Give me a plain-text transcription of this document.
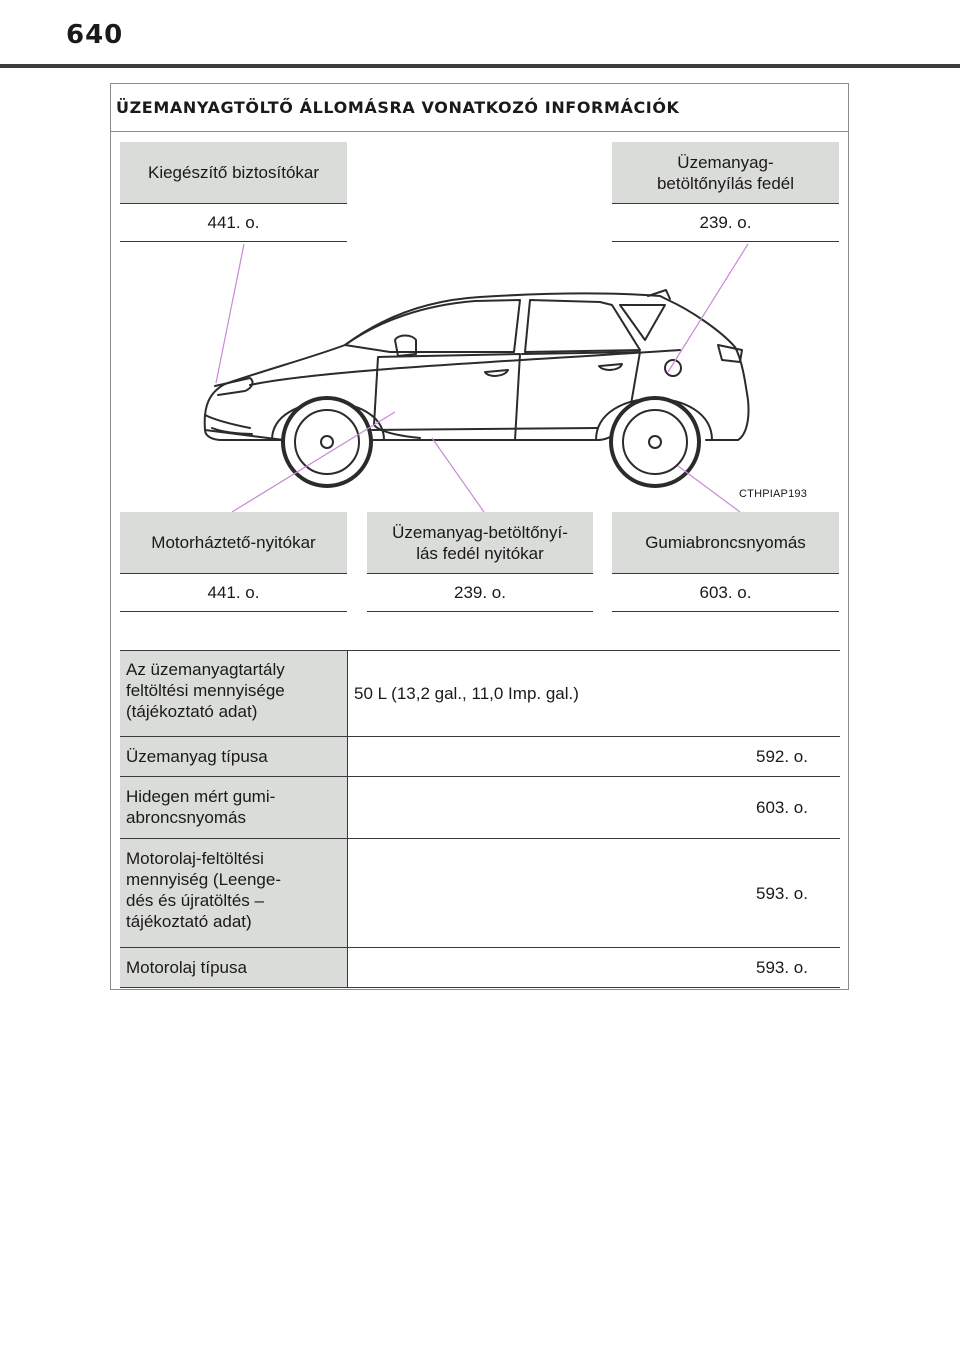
640
ÜZEMANYAGTÖLTŐ ÁLLOMÁSRA VONATKOZÓ INFORMÁCIÓK
CTHPIAP193
Kiegészítő biztosítókar
441. o.
Üzemanyag-
betöltőnyílás fedél
239. o.
Motorháztető-nyitókar
441. o.
Üzemanyag-betöltőnyí-
lás fedél nyitókar
239. o.
Gumiabroncsnyomás
603. o.
Az üzemanyagtartály
feltöltési mennyisége
(tájékoztató adat)
50 L (13,2 gal., 11,0 Imp. gal.)
Üzemanyag típusa	592. o.
Hidegen mért gumi-
abroncsnyomás
603. o.
Motorolaj-feltöltési
mennyiség (Leenge-
dés és újratöltés –
tájékoztató adat)
593. o.
Motorolaj típusa	593. o.
